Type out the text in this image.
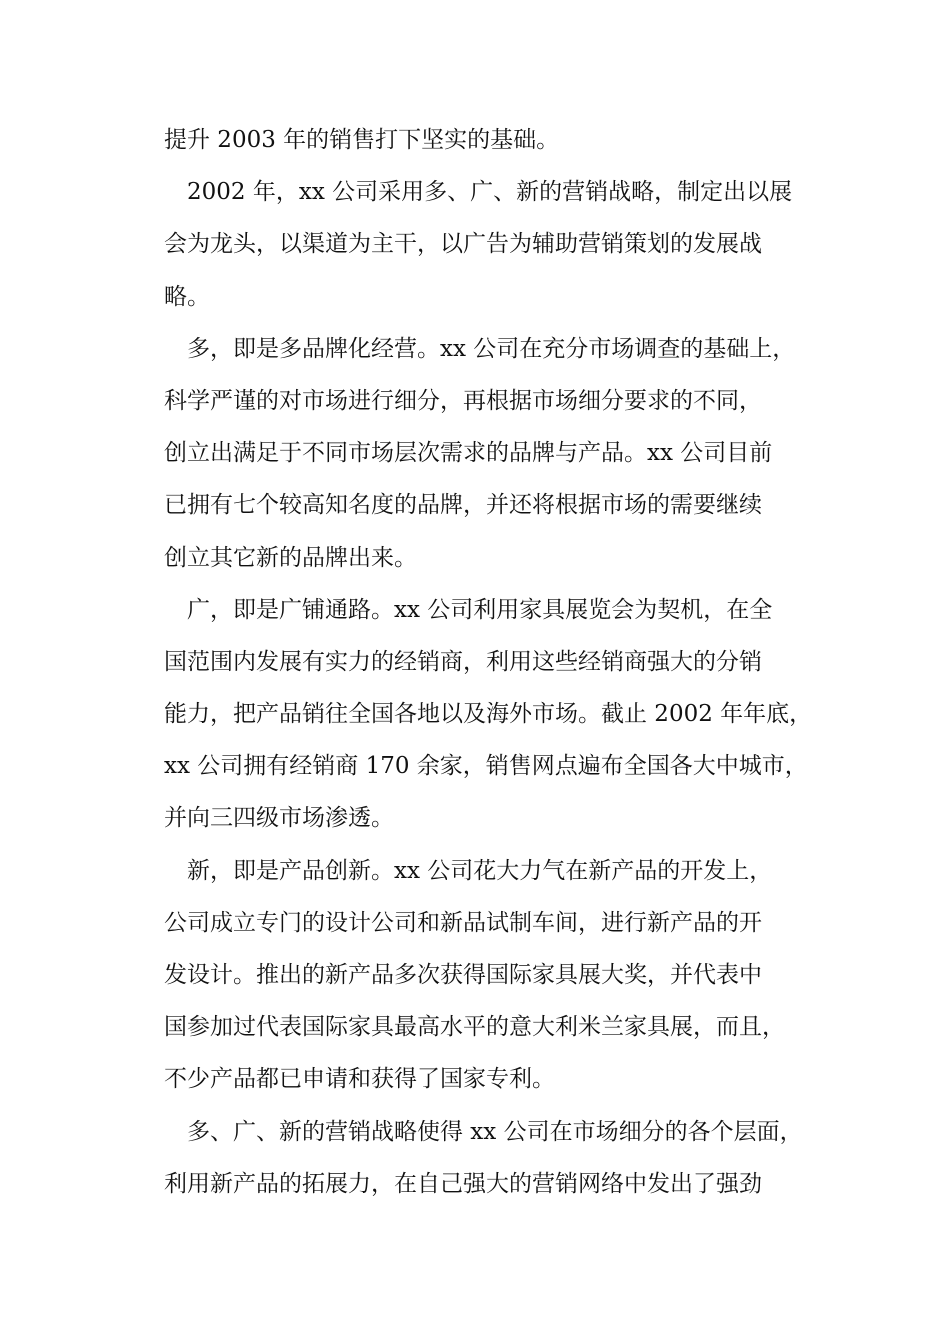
提升 2003 年的销售打下坚实的基础。
2002 年，xx 公司采用多、广、新的营销战略，制定出以展
会为龙头，以渠道为主干，以广告为辅助营销策划的发展战
略。
多，即是多品牌化经营。xx 公司在充分市场调查的基础上，
科学严谨的对市场进行细分，再根据市场细分要求的不同，
创立出满足于不同市场层次需求的品牌与产品。xx 公司目前
已拥有七个较高知名度的品牌，并还将根据市场的需要继续
创立其它新的品牌出来。
广，即是广铺通路。xx 公司利用家具展览会为契机，在全
国范围内发展有实力的经销商，利用这些经销商强大的分销
能力，把产品销往全国各地以及海外市场。截止 2002 年年底，
xx 公司拥有经销商 170 余家，销售网点遍布全国各大中城市，
并向三四级市场渗透。
新，即是产品创新。xx 公司花大力气在新产品的开发上，
公司成立专门的设计公司和新品试制车间，进行新产品的开
发设计。推出的新产品多次获得国际家具展大奖，并代表中
国参加过代表国际家具最高水平的意大利米兰家具展，而且，
不少产品都已申请和获得了国家专利。
多、广、新的营销战略使得 xx 公司在市场细分的各个层面，
利用新产品的拓展力，在自己强大的营销网络中发出了强劲
